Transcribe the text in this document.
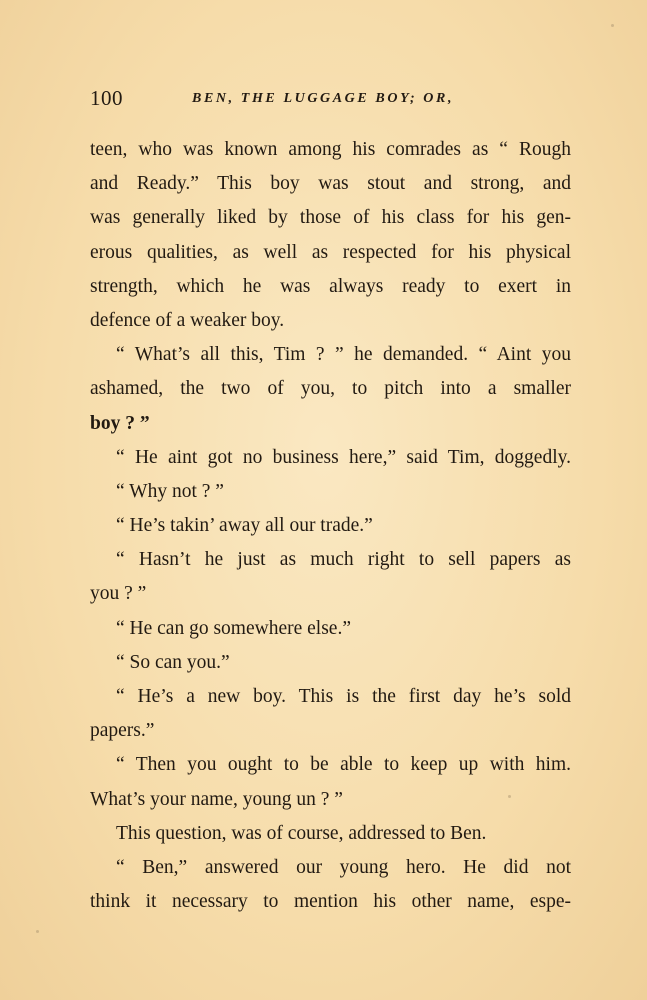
100	BEN, THE LUGGAGE BOY; OR,
teen, who was known among his comrades as “ Rough
and Ready.” This boy was stout and strong, and
was generally liked by those of his class for his gen-
erous qualities, as well as respected for his physical
strength, which he was always ready to exert in
defence of a weaker boy.
“ What’s all this, Tim ? ” he demanded. “ Aint you
ashamed, the two of you, to pitch into a smaller
boy ? ”
“ He aint got no business here,” said Tim, doggedly.
“ Why not ? ”
“ He’s takin’ away all our trade.”
“ Hasn’t he just as much right to sell papers as
you ? ”
“ He can go somewhere else.”
“ So can you.”
“ He’s a new boy. This is the first day he’s sold
papers.”
“ Then you ought to be able to keep up with him.
What’s your name, young un ? ”
This question, was of course, addressed to Ben.
“ Ben,” answered our young hero. He did not
think it necessary to mention his other name, espe-
